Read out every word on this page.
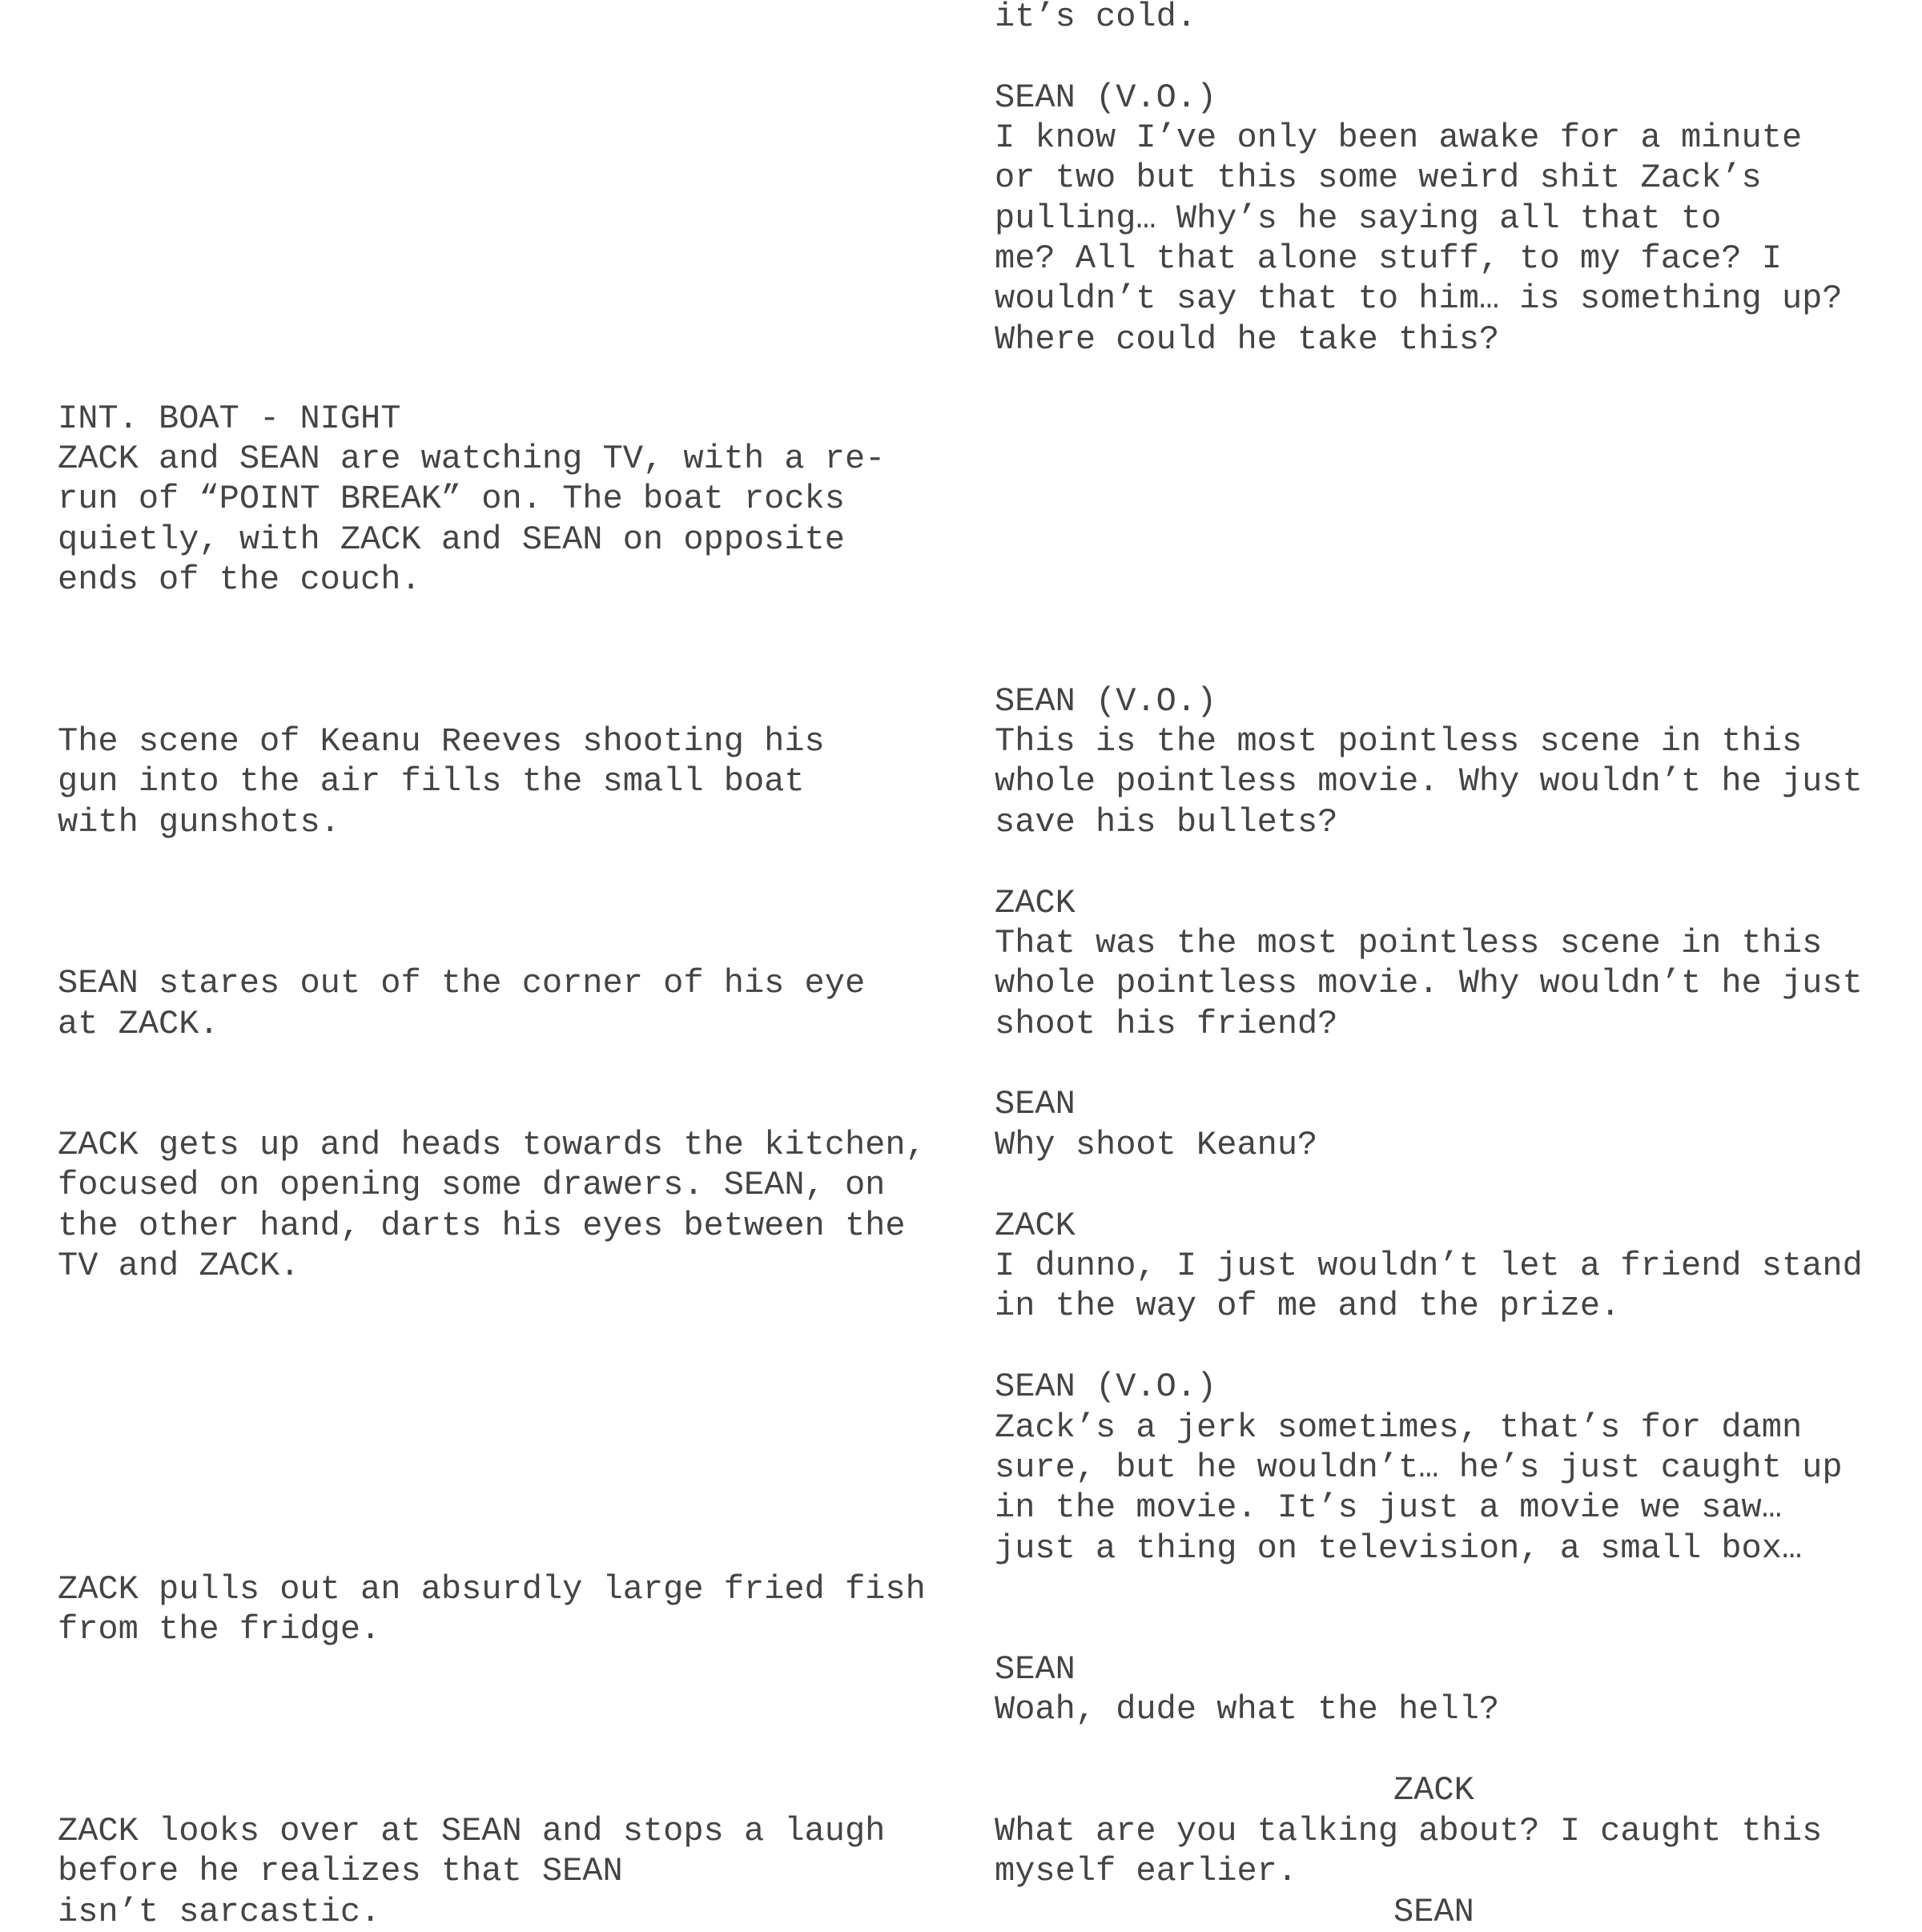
INT. BOAT - NIGHT
ZACK and SEAN are watching TV, with a re-
run of “POINT BREAK” on. The boat rocks
quietly, with ZACK and SEAN on opposite
ends of the couch.
The scene of Keanu Reeves shooting his
gun into the air fills the small boat
with gunshots.
SEAN stares out of the corner of his eye
at ZACK.
ZACK gets up and heads towards the kitchen,
focused on opening some drawers. SEAN, on
the other hand, darts his eyes between the
TV and ZACK.
ZACK pulls out an absurdly large fried fish
from the fridge.
ZACK looks over at SEAN and stops a laugh
before he realizes that SEAN
isn’t sarcastic.
it’s cold.
SEAN (V.O.)
I know I’ve only been awake for a minute
or two but this some weird shit Zack’s
pulling… Why’s he saying all that to
me? All that alone stuff, to my face? I
wouldn’t say that to him… is something up?
Where could he take this?
SEAN (V.O.)
This is the most pointless scene in this
whole pointless movie. Why wouldn’t he just
save his bullets?
ZACK
That was the most pointless scene in this
whole pointless movie. Why wouldn’t he just
shoot his friend?
SEAN
Why shoot Keanu?
ZACK
I dunno, I just wouldn’t let a friend stand
in the way of me and the prize.
SEAN (V.O.)
Zack’s a jerk sometimes, that’s for damn
sure, but he wouldn’t… he’s just caught up
in the movie. It’s just a movie we saw…
just a thing on television, a small box…
SEAN
Woah, dude what the hell?
ZACK
What are you talking about? I caught this
myself earlier.
SEAN
